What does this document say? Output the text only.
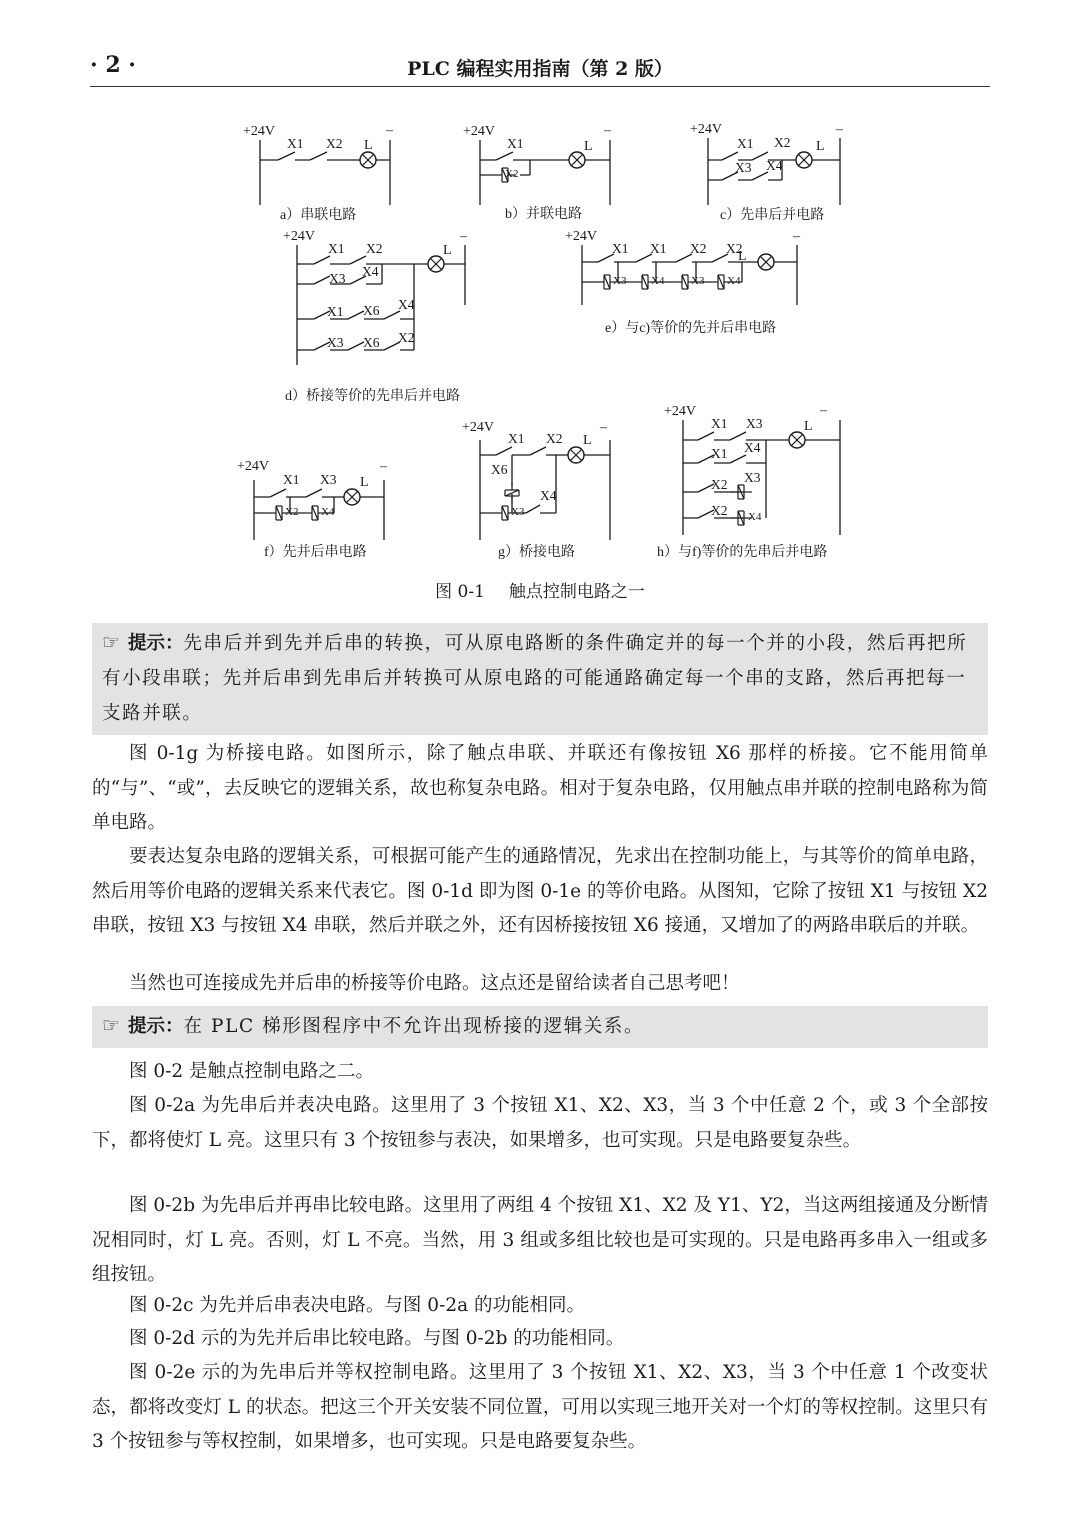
· 2 ·	PLC 编程实用指南（第 2 版）
+24V	+24V	+24V
+24V	+24V
+24V
+24V
+24V
–	–	–
–	–
–
–
–
L	L	L
L	L
L
L
L
X1 X2	X1
X2
X1 X2
X3 X4
X1 X2
X3 X4
X1 X6 X4
X3 X6 X2
X1
X3
X1
X4
X2
X3
X2
X4
X1
X2
X3
X4
X1 X2
X6
X3
X4
X1 X3
X1 X4
X2 X3
X2 X4
a）串联电路	b）并联电路	c）先串后并电路
d）桥接等价的先串后并电路
e）与c)等价的先并后串电路
f）先并后串电路	g）桥接电路	h）与f)等价的先串后并电路
图 0-1 触点控制电路之一
☞ 提示：先串后并到先并后串的转换，可从原电路断的条件确定并的每一个并的小段，然后再把所有小段串联；先并后串到先串后并转换可从原电路的可能通路确定每一个串的支路，然后再把每一支路并联。

图 0-1g 为桥接电路。如图所示，除了触点串联、并联还有像按钮 X6 那样的桥接。它不能用简单的“与”、“或”，去反映它的逻辑关系，故也称复杂电路。相对于复杂电路，仅用触点串并联的控制电路称为简单电路。

要表达复杂电路的逻辑关系，可根据可能产生的通路情况，先求出在控制功能上，与其等价的简单电路，然后用等价电路的逻辑关系来代表它。图 0-1d 即为图 0-1e 的等价电路。从图知，它除了按钮 X1 与按钮 X2 串联，按钮 X3 与按钮 X4 串联，然后并联之外，还有因桥接按钮 X6 接通，又增加了的两路串联后的并联。

当然也可连接成先并后串的桥接等价电路。这点还是留给读者自己思考吧！

☞ 提示：在 PLC 梯形图程序中不允许出现桥接的逻辑关系。

图 0-2 是触点控制电路之二。

图 0-2a 为先串后并表决电路。这里用了 3 个按钮 X1、X2、X3，当 3 个中任意 2 个，或 3 个全部按下，都将使灯 L 亮。这里只有 3 个按钮参与表决，如果增多，也可实现。只是电路要复杂些。

图 0-2b 为先串后并再串比较电路。这里用了两组 4 个按钮 X1、X2 及 Y1、Y2，当这两组接通及分断情况相同时，灯 L 亮。否则，灯 L 不亮。当然，用 3 组或多组比较也是可实现的。只是电路再多串入一组或多组按钮。

图 0-2c 为先并后串表决电路。与图 0-2a 的功能相同。

图 0-2d 示的为先并后串比较电路。与图 0-2b 的功能相同。

图 0-2e 示的为先串后并等权控制电路。这里用了 3 个按钮 X1、X2、X3，当 3 个中任意 1 个改变状态，都将改变灯 L 的状态。把这三个开关安装不同位置，可用以实现三地开关对一个灯的等权控制。这里只有 3 个按钮参与等权控制，如果增多，也可实现。只是电路要复杂些。
